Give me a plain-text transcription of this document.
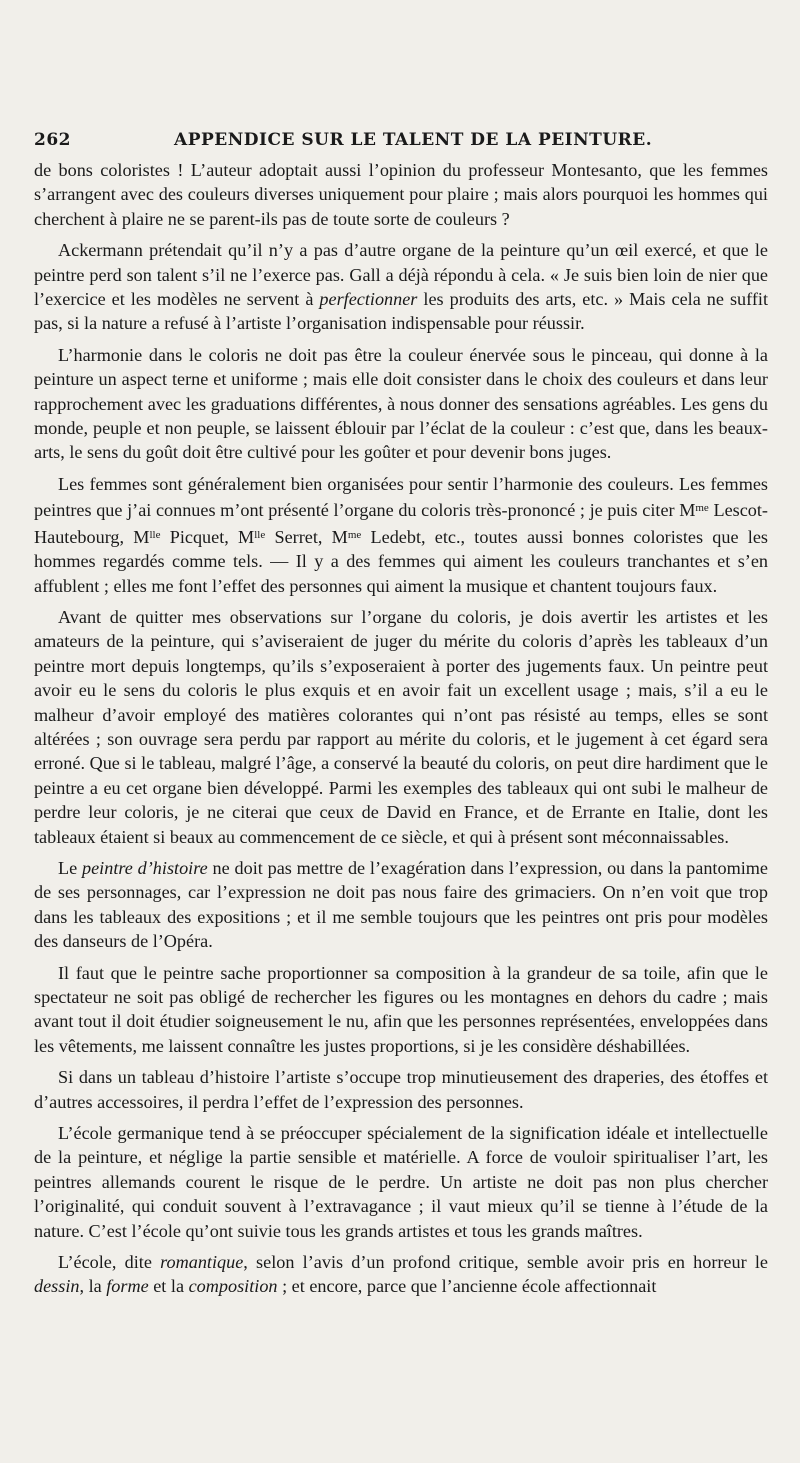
262	APPENDICE SUR LE TALENT DE LA PEINTURE.

de bons coloristes ! L’auteur adoptait aussi l’opinion du professeur Montesanto, que les femmes s’arrangent avec des couleurs diverses uniquement pour plaire ; mais alors pourquoi les hommes qui cherchent à plaire ne se parent-ils pas de toute sorte de couleurs ?

Ackermann prétendait qu’il n’y a pas d’autre organe de la peinture qu’un œil exercé, et que le peintre perd son talent s’il ne l’exerce pas. Gall a déjà répondu à cela. « Je suis bien loin de nier que l’exercice et les modèles ne servent à perfectionner les produits des arts, etc. » Mais cela ne suffit pas, si la nature a refusé à l’artiste l’organisation indispensable pour réussir.

L’harmonie dans le coloris ne doit pas être la couleur énervée sous le pinceau, qui donne à la peinture un aspect terne et uniforme ; mais elle doit consister dans le choix des couleurs et dans leur rapprochement avec les graduations différentes, à nous donner des sensations agréables. Les gens du monde, peuple et non peuple, se laissent éblouir par l’éclat de la couleur : c’est que, dans les beaux-arts, le sens du goût doit être cultivé pour les goûter et pour devenir bons juges.

Les femmes sont généralement bien organisées pour sentir l’harmonie des couleurs. Les femmes peintres que j’ai connues m’ont présenté l’organe du coloris très-prononcé ; je puis citer $M^{me}$ Lescot-Hautebourg, $M^{lle}$ Picquet, $M^{lle}$ Serret, $M^{me}$ Ledebt, etc., toutes aussi bonnes coloristes que les hommes regardés comme tels. — Il y a des femmes qui aiment les couleurs tranchantes et s’en affublent ; elles me font l’effet des personnes qui aiment la musique et chantent toujours faux.

Avant de quitter mes observations sur l’organe du coloris, je dois avertir les artistes et les amateurs de la peinture, qui s’aviseraient de juger du mérite du coloris d’après les tableaux d’un peintre mort depuis longtemps, qu’ils s’exposeraient à porter des jugements faux. Un peintre peut avoir eu le sens du coloris le plus exquis et en avoir fait un excellent usage ; mais, s’il a eu le malheur d’avoir employé des matières colorantes qui n’ont pas résisté au temps, elles se sont altérées ; son ouvrage sera perdu par rapport au mérite du coloris, et le jugement à cet égard sera erroné. Que si le tableau, malgré l’âge, a conservé la beauté du coloris, on peut dire hardiment que le peintre a eu cet organe bien développé. Parmi les exemples des tableaux qui ont subi le malheur de perdre leur coloris, je ne citerai que ceux de David en France, et de Errante en Italie, dont les tableaux étaient si beaux au commencement de ce siècle, et qui à présent sont méconnaissables.

Le peintre d’histoire ne doit pas mettre de l’exagération dans l’expression, ou dans la pantomime de ses personnages, car l’expression ne doit pas nous faire des grimaciers. On n’en voit que trop dans les tableaux des expositions ; et il me semble toujours que les peintres ont pris pour modèles des danseurs de l’Opéra.

Il faut que le peintre sache proportionner sa composition à la grandeur de sa toile, afin que le spectateur ne soit pas obligé de rechercher les figures ou les montagnes en dehors du cadre ; mais avant tout il doit étudier soigneusement le nu, afin que les personnes représentées, enveloppées dans les vêtements, me laissent connaître les justes proportions, si je les considère déshabillées.

Si dans un tableau d’histoire l’artiste s’occupe trop minutieusement des draperies, des étoffes et d’autres accessoires, il perdra l’effet de l’expression des personnes.

L’école germanique tend à se préoccuper spécialement de la signification idéale et intellectuelle de la peinture, et néglige la partie sensible et matérielle. A force de vouloir spiritualiser l’art, les peintres allemands courent le risque de le perdre. Un artiste ne doit pas non plus chercher l’originalité, qui conduit souvent à l’extravagance ; il vaut mieux qu’il se tienne à l’étude de la nature. C’est l’école qu’ont suivie tous les grands artistes et tous les grands maîtres.

L’école, dite romantique, selon l’avis d’un profond critique, semble avoir pris en horreur le dessin, la forme et la composition ; et encore, parce que l’ancienne école affectionnait
